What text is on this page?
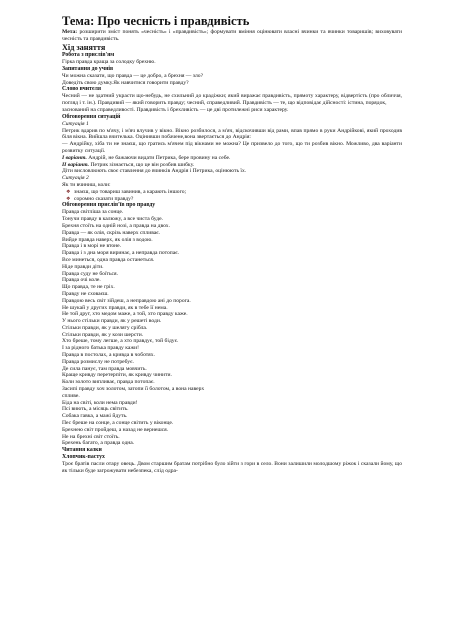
Тема: Про чесність і правдивість

Мета: розширити зміст понять «чесність» і «правдивість»; формувати вміння оцінювати власні вчинки та вчинки товаришів; виховувати чесність та правдивість.

Хід заняття

Робота з прислів'ям

Гірка правда краща за солодку брехню.

Запитання до учнів

Чи можна сказати, що правда — це добро, а брехня — зло?

Доведіть свою думку.Як навчитися говорити правду?

Слово вчителя

Чесний — не здатний украсти що-небудь, не схильний до крадіжки; який виражає правдивість, прямоту характеру, відвертість (про обличчя, погляд і т. ін.). Правдивий — який говорить правду; чесний, справедливий. Правдивість — те, що відповідає дійсності: істина, порядок,

заснований на справедливості. Правдивість і брехливість — це дві протилежні риси характеру.

Обговорення ситуацій

Ситуація 1

Петрик вдарив по м'ячу, і м'яч влучив у вікно. Вікно розбилося, а м'яч, відскочивши від рами, впав прямо в руки Андрійкові, який проходив біля вікна. Вийшла вчителька. Оцінивши побачене,вона звертається до Андрія:

— Андрійку, хіба ти не знаєш, що гратись м'ячем під вікнами не можна? Це призвело до того, що ти розбив вікно. Можливо, два варіанти розвитку ситуації.

I варіант. Андрій, не бажаючи видати Петрика, бере провину на себе.

II варіант. Петрик зізнається, що це він розбив шибку.

Діти висловлюють своє ставлення до вчинків Андрія і Петрика, оцінюють їх.

Ситуація 2

Як ти вчиниш, коли:

❖ знаєш, що товариш завинив, а карають іншого;

❖ соромно сказати правду?

Обговорення прислів'їв про правду

Правда світліша за сонце.

Тонучи правду в калюжу, а все чиста буде.

Брехня стоїть на одній нозі, а правда на двох.

Правда — як олія, скрізь наверх спливає.

Вийде правда наверх, як олія з водою.

Правда і в морі не втоне.

Правда і з дна моря виринає, а неправда потопає.

Все минеться, одна правда останеться.

Ніде правди діти.

Правда суду не боїться.

Правда очі коле.

Що правда, те не гріх.

Правду не сховаєш.

Правдою весь світ зійдеш, а неправдою ані до порога.

Не шукай у других правди, як в тебе її нема.

Не той друг, хто медом маже, а той, хто правду каже.

У нього стільки правди, як у решеті води.

Стільки правди, як у шелягу срібла.

Стільки правди, як у кози шерсти.

Хто бреше, тому легше, а хто правдує, той бідує.

І за рідного батька правду кажи!

Правда в постолах, а кривда в чоботях.

Правда розмислу не потребує.

Де сила панує, там правда мовчить.

Краще кривду перетерпіти, як кривду чинити.

Коли золото випливає, правда потопає.

Засипі правду хоч золотом, затопи її болотом, а вона наверх

спливе.

Біда на світі, коли нема правди!

Псі виють, а місяць світить.

Собака гавка, а мажі йдуть.

Пес бреше на сонце, а сонце світить у віконце.

Брехнею світ пройдеш, а назад не вернешся.

Не на брехні світ стоїть.

Брехень багато, а правда одна.

Читання казки

Хлопчик-пастух

Троє братів пасли отару овець. Двом старшим братам потрібно було зійти з гори в село. Вони залишили молодшому ріжок і сказали йому, що як тільки буде загрожувати небезпека, слід одра-
